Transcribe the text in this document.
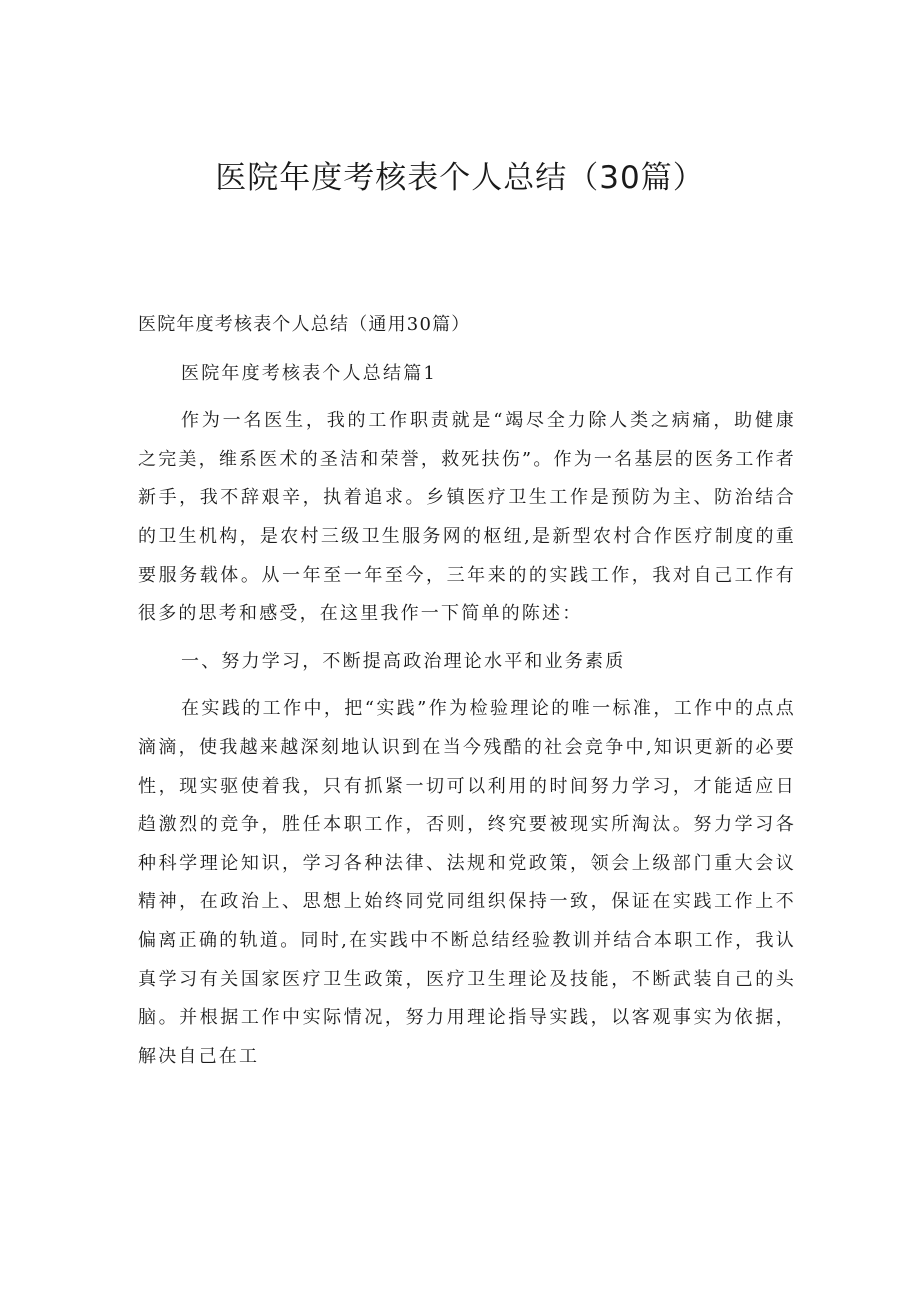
医院年度考核表个人总结（30篇）

医院年度考核表个人总结（通用30篇）

医院年度考核表个人总结篇1

作为一名医生，我的工作职责就是“竭尽全力除人类之病痛，助健康之完美，维系医术的圣洁和荣誉，救死扶伤”。作为一名基层的医务工作者新手，我不辞艰辛，执着追求。乡镇医疗卫生工作是预防为主、防治结合的卫生机构，是农村三级卫生服务网的枢纽,是新型农村合作医疗制度的重要服务载体。从一年至一年至今，三年来的的实践工作，我对自己工作有很多的思考和感受，在这里我作一下简单的陈述：

一、努力学习，不断提高政治理论水平和业务素质

在实践的工作中，把“实践”作为检验理论的唯一标准，工作中的点点滴滴，使我越来越深刻地认识到在当今残酷的社会竞争中,知识更新的必要性，现实驱使着我，只有抓紧一切可以利用的时间努力学习，才能适应日趋激烈的竞争，胜任本职工作，否则，终究要被现实所淘汰。努力学习各种科学理论知识，学习各种法律、法规和党政策，领会上级部门重大会议精神，在政治上、思想上始终同党同组织保持一致，保证在实践工作上不偏离正确的轨道。同时,在实践中不断总结经验教训并结合本职工作，我认真学习有关国家医疗卫生政策，医疗卫生理论及技能，不断武装自己的头脑。并根据工作中实际情况，努力用理论指导实践，以客观事实为依据，解决自己在工
